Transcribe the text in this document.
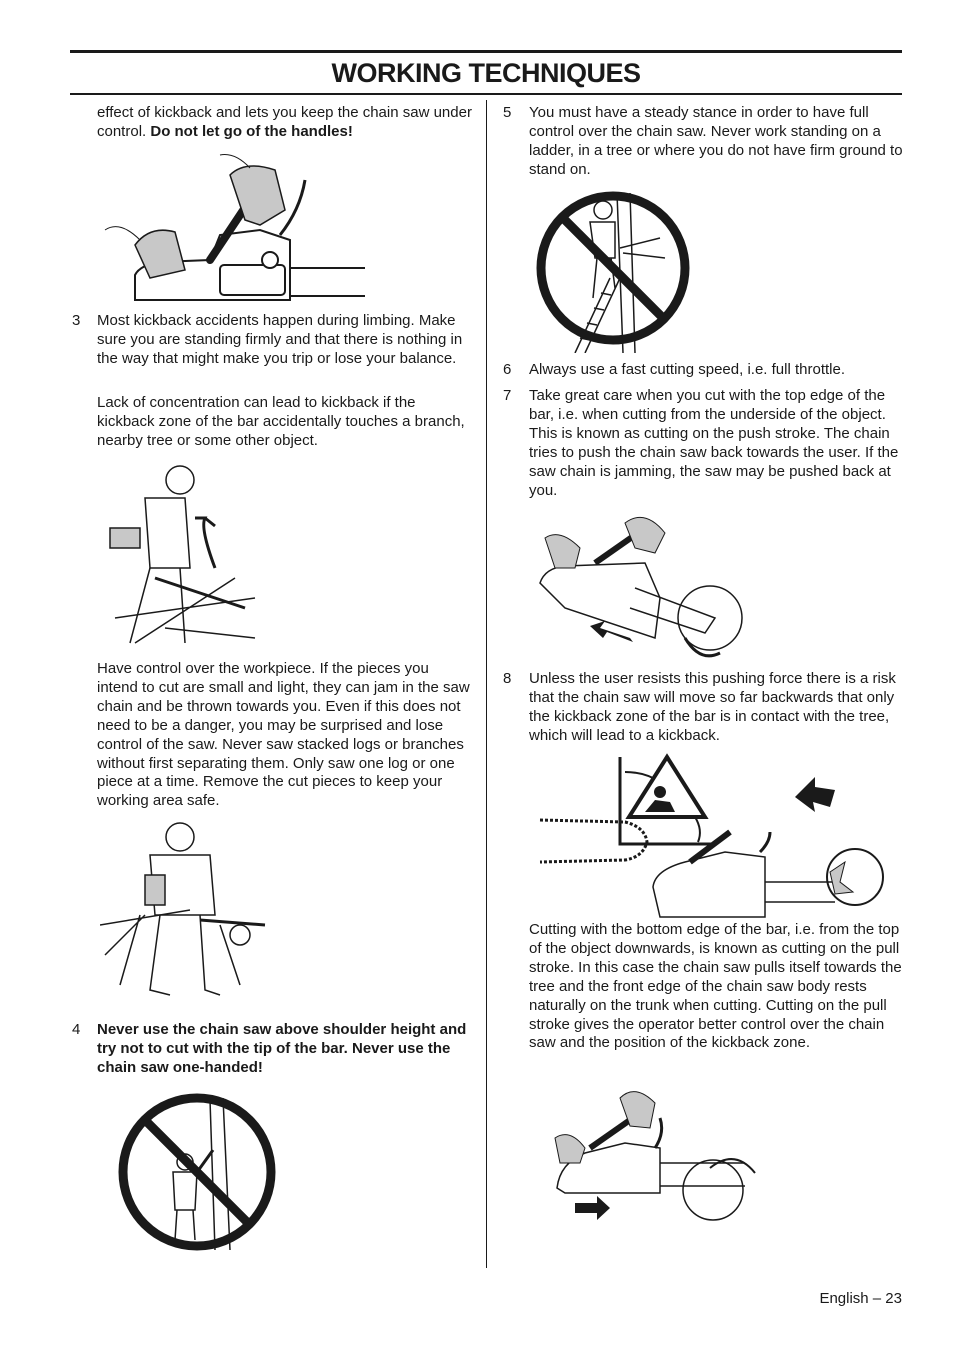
WORKING TECHNIQUES

effect of kickback and lets you keep the chain saw under control. Do not let go of the handles!

3 Most kickback accidents happen during limbing. Make sure you are standing firmly and that there is nothing in the way that might make you trip or lose your balance.

Lack of concentration can lead to kickback if the kickback zone of the bar accidentally touches a branch, nearby tree or some other object.

Have control over the workpiece. If the pieces you intend to cut are small and light, they can jam in the saw chain and be thrown towards you. Even if this does not need to be a danger, you may be surprised and lose control of the saw. Never saw stacked logs or branches without first separating them. Only saw one log or one piece at a time. Remove the cut pieces to keep your working area safe.

4 Never use the chain saw above shoulder height and try not to cut with the tip of the bar. Never use the chain saw one-handed!

5 You must have a steady stance in order to have full control over the chain saw. Never work standing on a ladder, in a tree or where you do not have firm ground to stand on.

6 Always use a fast cutting speed, i.e. full throttle.

7 Take great care when you cut with the top edge of the bar, i.e. when cutting from the underside of the object. This is known as cutting on the push stroke. The chain tries to push the chain saw back towards the user. If the saw chain is jamming, the saw may be pushed back at you.

8 Unless the user resists this pushing force there is a risk that the chain saw will move so far backwards that only the kickback zone of the bar is in contact with the tree, which will lead to a kickback.

Cutting with the bottom edge of the bar, i.e. from the top of the object downwards, is known as cutting on the pull stroke. In this case the chain saw pulls itself towards the tree and the front edge of the chain saw body rests naturally on the trunk when cutting. Cutting on the pull stroke gives the operator better control over the chain saw and the position of the kickback zone.

English – 23
